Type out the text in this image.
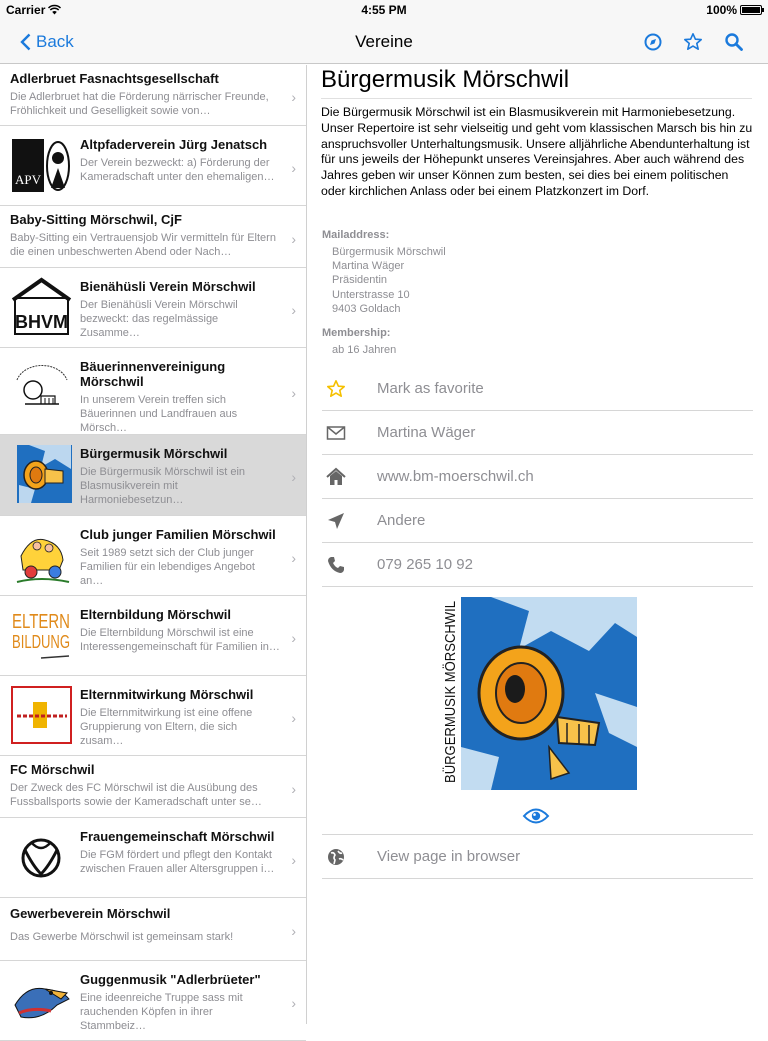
Carrier	4:55 PM	100%
Back	Vereine
Adlerbruet Fasnachtsgesellschaft
Die Adlerbruet hat die Förderung närrischer Freunde, Fröhlichkeit und Geselligkeit sowie von…
›
APV
Altpfaderverein Jürg Jenatsch
Der Verein bezweckt: a) Förderung der Kameradschaft unter den ehemaligen…
›
Baby-Sitting Mörschwil, CjF
Baby-Sitting ein Vertrauensjob Wir vermitteln für Eltern die einen unbeschwerten Abend oder Nach…
›
BHVM
Bienähüsli Verein Mörschwil
Der Bienähüsli Verein Mörschwil bezweckt: das regelmässige Zusamme…
›
Bäuerinnenvereinigung Mörschwil
In unserem Verein treffen sich Bäuerinnen und Landfrauen aus Mörsch…
›
Bürgermusik Mörschwil
Die Bürgermusik Mörschwil ist ein Blasmusikverein mit Harmoniebesetzun…
›
Club junger Familien Mörschwil
Seit 1989 setzt sich der Club junger Familien für ein lebendiges Angebot an…
›
ELTERN
BILDUNG
Elternbildung Mörschwil
Die Elternbildung Mörschwil ist eine Interessengemeinschaft für Familien in…
›
Elternmitwirkung Mörschwil
Die Elternmitwirkung ist eine offene Gruppierung von Eltern, die sich zusam…
›
FC Mörschwil
Der Zweck des FC Mörschwil ist die Ausübung des Fussballsports sowie der Kameradschaft unter se…
›
Frauengemeinschaft Mörschwil
Die FGM fördert und pflegt den Kontakt zwischen Frauen aller Altersgruppen i…
›
Gewerbeverein Mörschwil
Das Gewerbe Mörschwil ist gemeinsam stark!	›
Guggenmusik "Adlerbrüeter"
Eine ideenreiche Truppe sass mit rauchenden Köpfen in ihrer Stammbeiz…
›
Bürgermusik Mörschwil
Die Bürgermusik Mörschwil ist ein Blasmusikverein mit Harmoniebesetzung. Unser Repertoire ist sehr vielseitig und geht vom klassischen Marsch bis hin zu anspruchsvoller Unterhaltungsmusik. Unsere alljährliche Abendunterhaltung ist für uns jeweils der Höhepunkt unseres Vereinsjahres. Aber auch während des Jahres geben wir unser Können zum besten, sei dies bei einem politischen oder kirchlichen Anlass oder bei einem Platzkonzert im Dorf.
Mailaddress:
Bürgermusik Mörschwil
Martina Wäger
Präsidentin
Unterstrasse 10
9403 Goldach
Membership:
ab 16 Jahren
Mark as favorite
Martina Wäger
www.bm-moerschwil.ch
Andere
079 265 10 92
BÜRGERMUSIK MÖRSCHWIL
View page in browser
